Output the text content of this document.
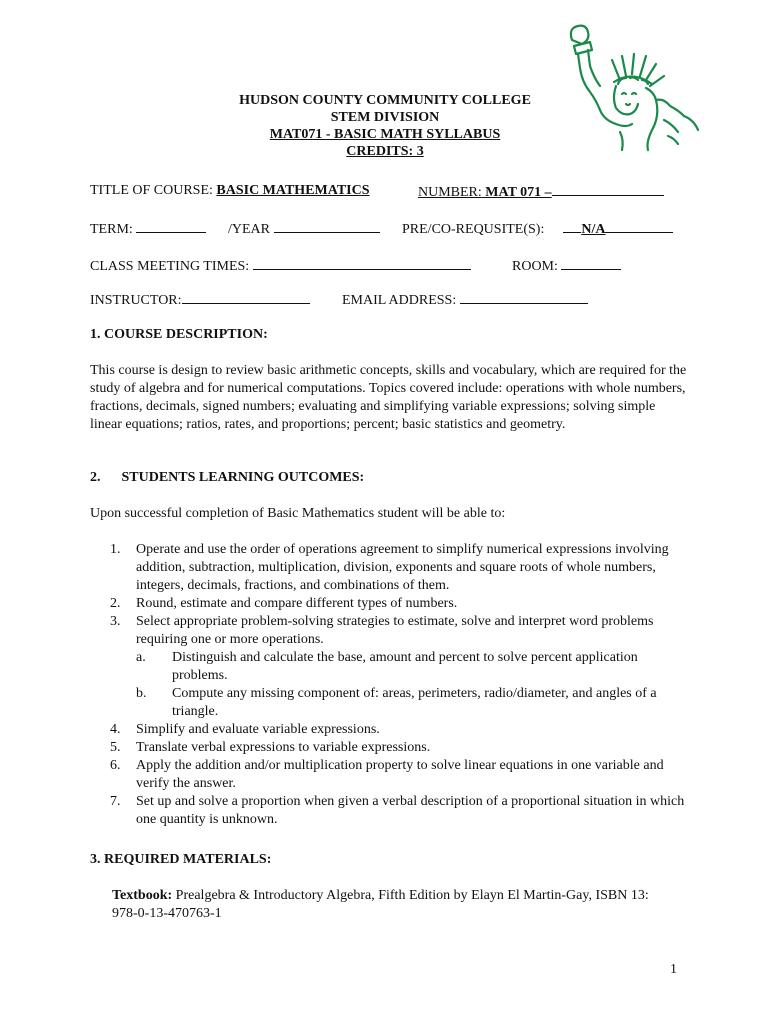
HUDSON COUNTY COMMUNITY COLLEGE
STEM DIVISION
MAT071 - BASIC MATH SYLLABUS
CREDITS: 3
TITLE OF COURSE: BASIC MATHEMATICS	NUMBER: MAT 071 –
TERM:	/YEAR	PRE/CO-REQUSITE(S):	N/A
CLASS MEETING TIMES:	ROOM:
INSTRUCTOR:	EMAIL ADDRESS:
1. COURSE DESCRIPTION:
This course is design to review basic arithmetic concepts, skills and vocabulary, which are required for the study of algebra and for numerical computations. Topics covered include: operations with whole numbers, fractions, decimals, signed numbers; evaluating and simplifying variable expressions; solving simple linear equations; ratios, rates, and proportions; percent; basic statistics and geometry.
2. STUDENTS LEARNING OUTCOMES:
Upon successful completion of Basic Mathematics student will be able to:
1. Operate and use the order of operations agreement to simplify numerical expressions involving addition, subtraction, multiplication, division, exponents and square roots of whole numbers, integers, decimals, fractions, and combinations of them.
2. Round, estimate and compare different types of numbers.
3. Select appropriate problem-solving strategies to estimate, solve and interpret word problems requiring one or more operations.
a. Distinguish and calculate the base, amount and percent to solve percent application problems.
b. Compute any missing component of: areas, perimeters, radio/diameter, and angles of a triangle.
4. Simplify and evaluate variable expressions.
5. Translate verbal expressions to variable expressions.
6. Apply the addition and/or multiplication property to solve linear equations in one variable and verify the answer.
7. Set up and solve a proportion when given a verbal description of a proportional situation in which one quantity is unknown.
3. REQUIRED MATERIALS:
Textbook: Prealgebra & Introductory Algebra, Fifth Edition by Elayn El Martin-Gay, ISBN 13: 978-0-13-470763-1
1
